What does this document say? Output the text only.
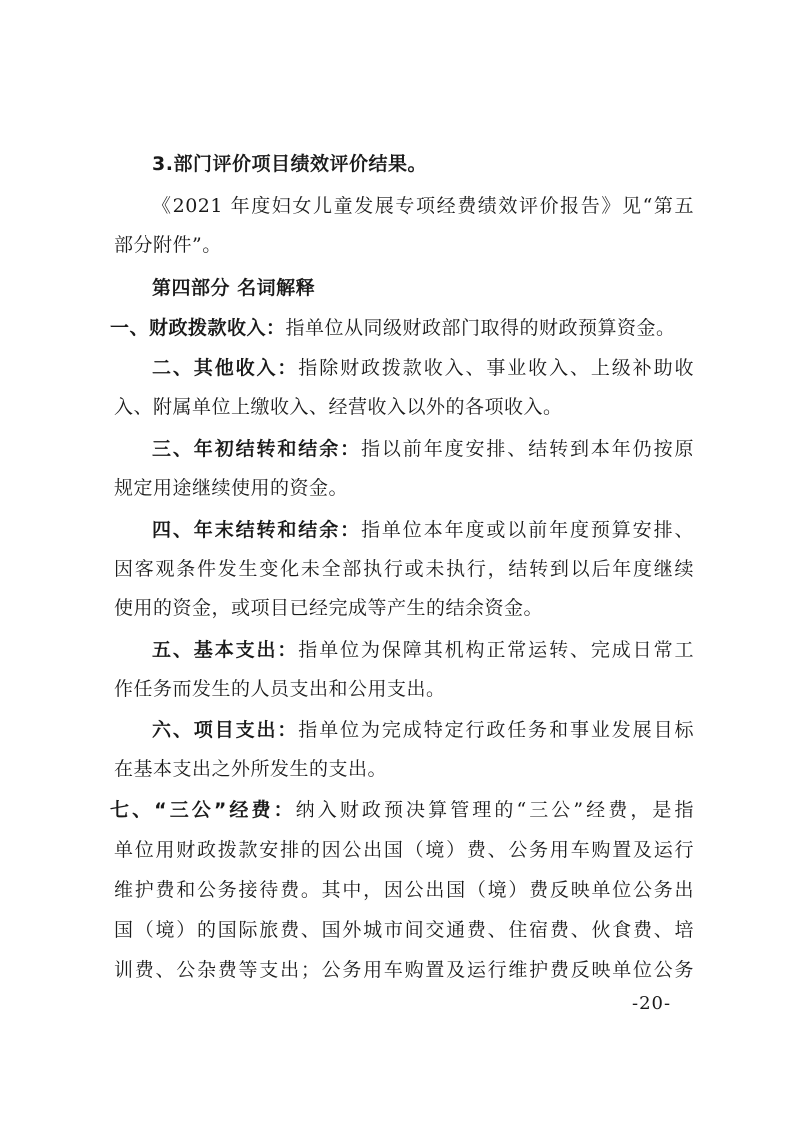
3.部门评价项目绩效评价结果。
《2021 年度妇女儿童发展专项经费绩效评价报告》见“第五
部分附件”。
第四部分 名词解释
一、财政拨款收入：指单位从同级财政部门取得的财政预算资金。
二、其他收入：指除财政拨款收入、事业收入、上级补助收
入、附属单位上缴收入、经营收入以外的各项收入。
三、年初结转和结余：指以前年度安排、结转到本年仍按原
规定用途继续使用的资金。
四、年末结转和结余：指单位本年度或以前年度预算安排、
因客观条件发生变化未全部执行或未执行，结转到以后年度继续
使用的资金，或项目已经完成等产生的结余资金。
五、基本支出：指单位为保障其机构正常运转、完成日常工
作任务而发生的人员支出和公用支出。
六、项目支出：指单位为完成特定行政任务和事业发展目标
在基本支出之外所发生的支出。
七、“三公”经费：纳入财政预决算管理的“三公”经费，是指
单位用财政拨款安排的因公出国（境）费、公务用车购置及运行
维护费和公务接待费。其中，因公出国（境）费反映单位公务出
国（境）的国际旅费、国外城市间交通费、住宿费、伙食费、培
训费、公杂费等支出；公务用车购置及运行维护费反映单位公务
-20-
